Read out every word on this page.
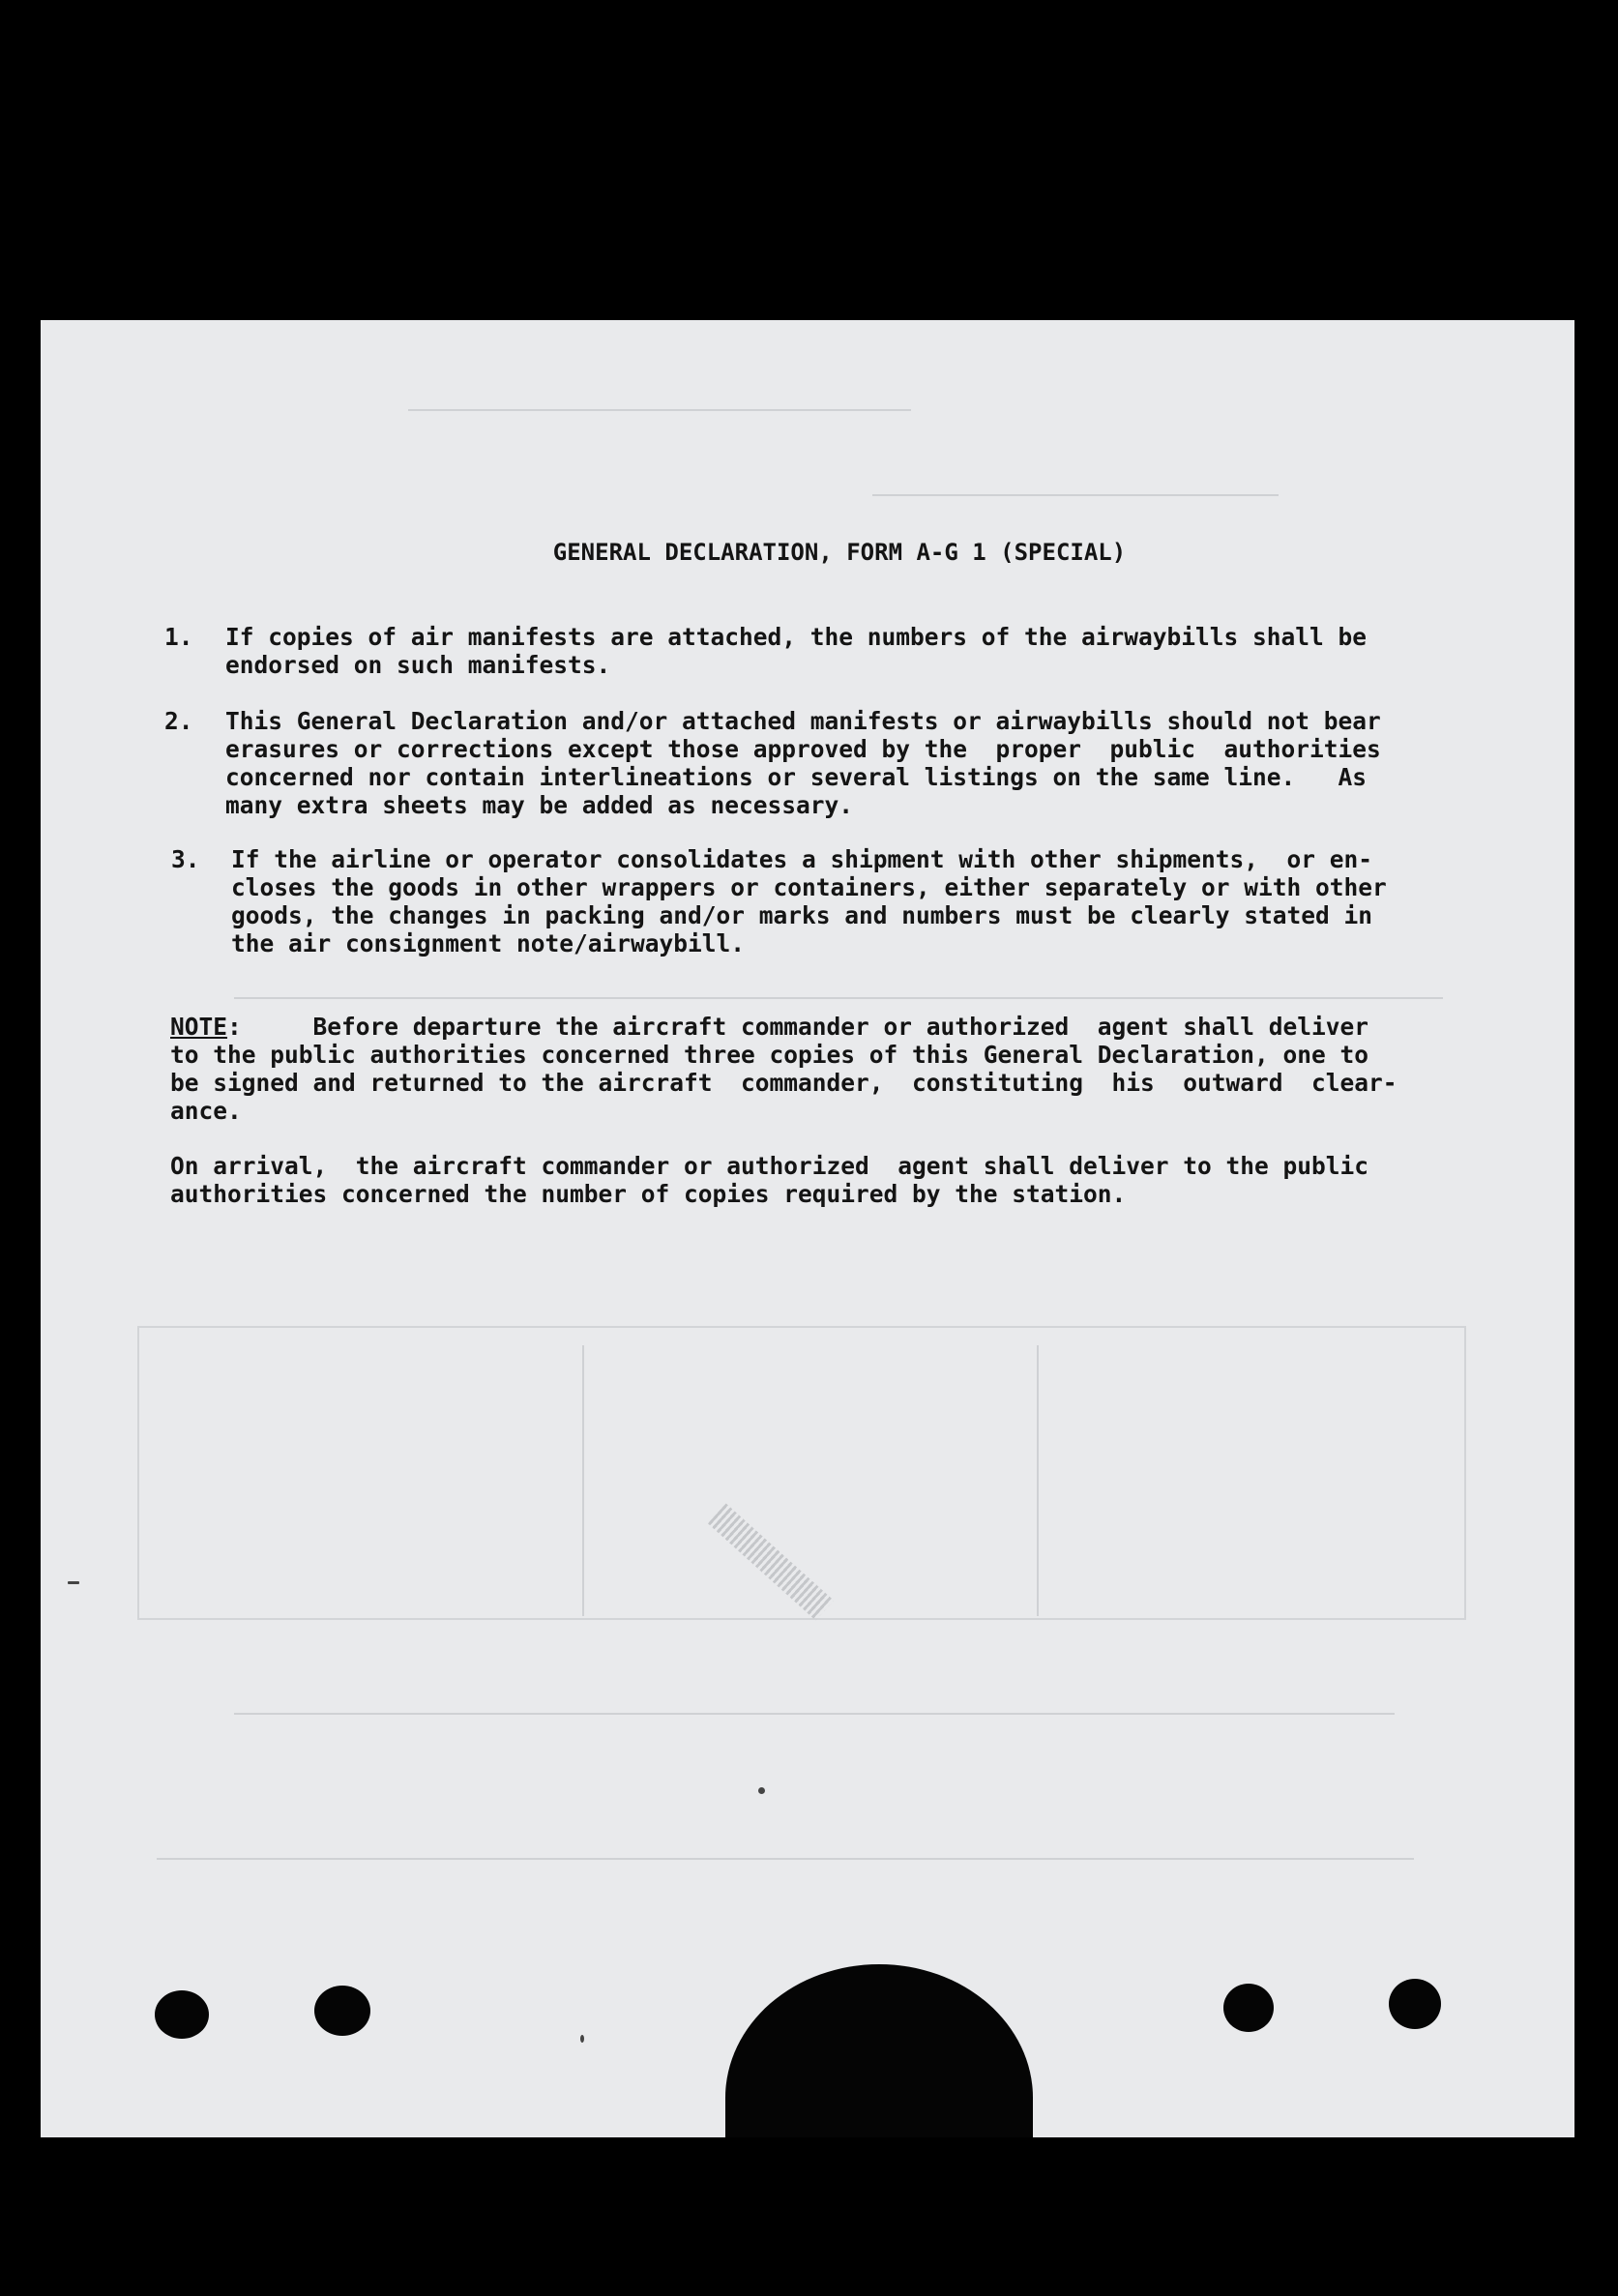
GENERAL DECLARATION, FORM A-G 1 (SPECIAL)
1. If copies of air manifests are attached, the numbers of the airwaybills shall be
endorsed on such manifests.
2. This General Declaration and/or attached manifests or airwaybills should not bear
erasures or corrections except those approved by the  proper  public  authorities
concerned nor contain interlineations or several listings on the same line.   As
many extra sheets may be added as necessary.
3. If the airline or operator consolidates a shipment with other shipments,  or en-
closes the goods in other wrappers or containers, either separately or with other
goods, the changes in packing and/or marks and numbers must be clearly stated in
the air consignment note/airwaybill.
NOTE:     Before departure the aircraft commander or authorized  agent shall deliver
to the public authorities concerned three copies of this General Declaration, one to
be signed and returned to the aircraft  commander,  constituting  his  outward  clear-
ance.
On arrival,  the aircraft commander or authorized  agent shall deliver to the public
authorities concerned the number of copies required by the station.
